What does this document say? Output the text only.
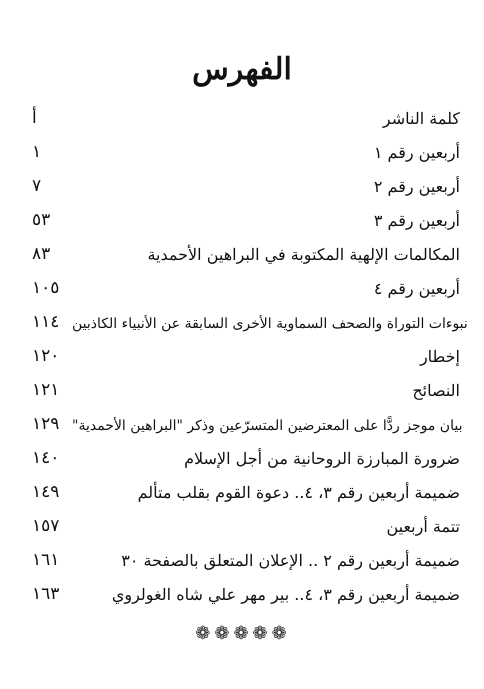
الفهرس
كلمة الناشر
أ
أربعين رقم ١
١
أربعين رقم ٢
٧
أربعين رقم ٣
٥٣
المكالمات الإلهية المكتوبة في البراهين الأحمدية
٨٣
أربعين رقم ٤
١٠٥
نبوءات التوراة والصحف السماوية الأخرى السابقة عن الأنبياء الكاذبين
١١٤
إخطار
١٢٠
النصائح
١٢١
بيان موجز ردًّا على المعترضين المتسرّعين وذكر "البراهين الأحمدية"
١٢٩
ضرورة المبارزة الروحانية من أجل الإسلام
١٤٠
ضميمة أربعين رقم ٣، ٤.. دعوة القوم بقلب متألم
١٤٩
تتمة أربعين
١٥٧
ضميمة أربعين رقم ٢ .. الإعلان المتعلق بالصفحة ٣٠
١٦١
ضميمة أربعين رقم ٣، ٤.. بير مهر علي شاه الغولروي
١٦٣
❁ ❁ ❁ ❁ ❁
